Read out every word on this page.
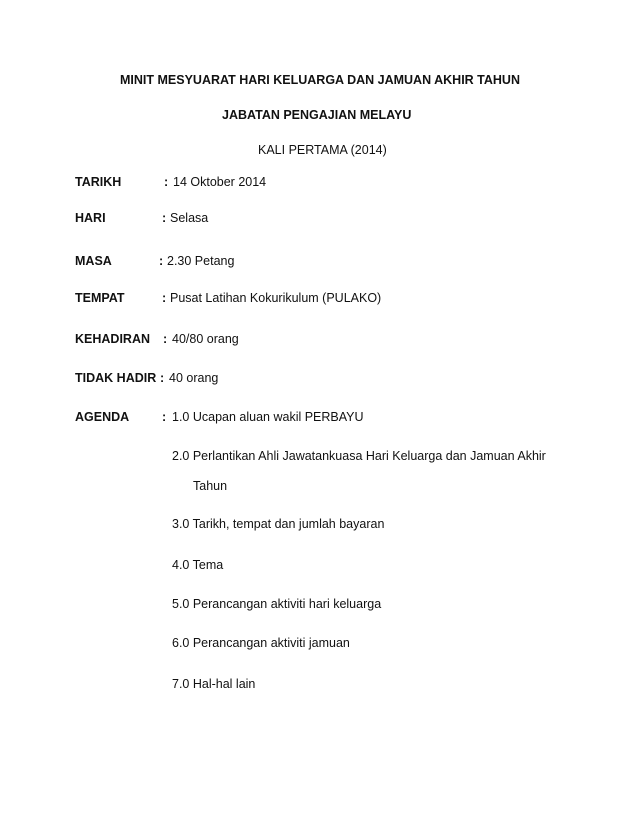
MINIT MESYUARAT HARI KELUARGA DAN JAMUAN AKHIR TAHUN
JABATAN PENGAJIAN MELAYU
KALI PERTAMA (2014)
TARIKH	: 14 Oktober 2014
HARI	: Selasa
MASA	: 2.30 Petang
TEMPAT	: Pusat Latihan Kokurikulum (PULAKO)
KEHADIRAN : 40/80 orang
TIDAK HADIR : 40 orang
AGENDA	: 1.0 Ucapan aluan wakil PERBAYU
2.0 Perlantikan Ahli Jawatankuasa Hari Keluarga dan Jamuan Akhir
Tahun
3.0 Tarikh, tempat dan jumlah bayaran
4.0 Tema
5.0 Perancangan aktiviti hari keluarga
6.0 Perancangan aktiviti jamuan
7.0 Hal-hal lain
